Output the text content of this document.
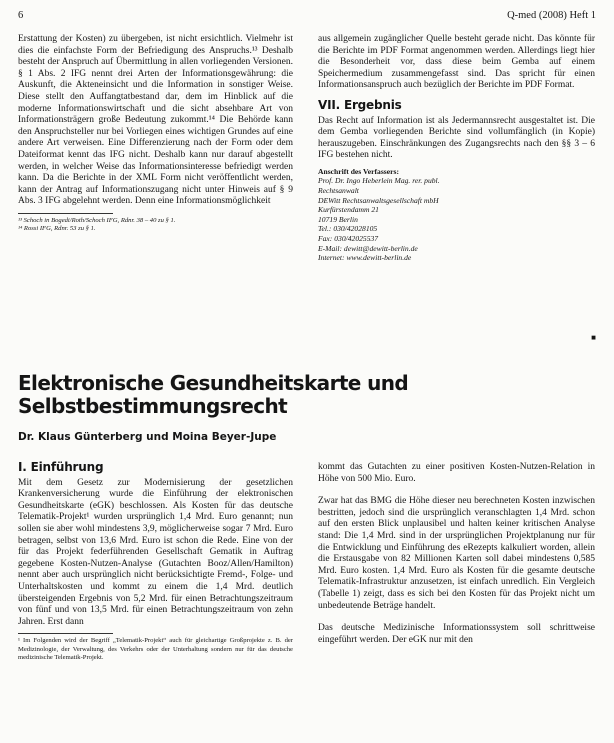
6	Q-med (2008) Heft 1

Erstattung der Kosten) zu übergeben, ist nicht ersichtlich. Vielmehr ist dies die einfachste Form der Befriedigung des Anspruchs.¹³ Deshalb besteht der Anspruch auf Übermittlung in allen vorliegenden Versionen. § 1 Abs. 2 IFG nennt drei Arten der Informationsgewährung: die Auskunft, die Akteneinsicht und die Information in sonstiger Weise. Diese stellt den Auffangtatbestand dar, dem im Hinblick auf die moderne Informationswirtschaft und die sicht absehbare Art von Informationsträgern große Bedeutung zukommt.¹⁴ Die Behörde kann den Anspruchsteller nur bei Vorliegen eines wichtigen Grundes auf eine andere Art verweisen. Eine Differenzierung nach der Form oder dem Dateiformat kennt das IFG nicht. Deshalb kann nur darauf abgestellt werden, in welcher Weise das Informationsinteresse befriedigt werden kann. Da die Berichte in der XML Form nicht veröffentlicht werden, kann der Antrag auf Informationszugang nicht unter Hinweis auf § 9 Abs. 3 IFG abgelehnt werden. Denn eine Informationsmöglichkeit

¹³ Schoch in Bogedi/Roth/Schoch IFG, Rdnr. 38 – 40 zu § 1.

¹⁴ Rossi IFG, Rdnr. 53 zu § 1.

aus allgemein zugänglicher Quelle besteht gerade nicht. Das könnte für die Berichte im PDF Format angenommen werden. Allerdings liegt hier die Besonderheit vor, dass diese beim Gemba auf einem Speichermedium zusammengefasst sind. Das spricht für einen Informationsanspruch auch bezüglich der Berichte im PDF Format.

VII. Ergebnis

Das Recht auf Information ist als Jedermannsrecht ausgestaltet ist. Die dem Gemba vorliegenden Berichte sind vollumfänglich (in Kopie) herauszugeben. Einschränkungen des Zugangsrechts nach den §§ 3 – 6 IFG bestehen nicht.

Anschrift des Verfassers:

Prof. Dr. Ingo Heberlein Mag. rer. publ.

Rechtsanwalt

DEWitt Rechtsanwaltsgesellschaft mbH

Kurfürstendamm 21

10719 Berlin

Tel.: 030/42028105

Fax: 030/42025537

E-Mail: dewitt@dewitt-berlin.de

Internet: www.dewitt-berlin.de

■
Elektronische Gesundheitskarte und
Selbstbestimmungsrecht

Dr. Klaus Günterberg und Moina Beyer-Jupe

I. Einführung

Mit dem Gesetz zur Modernisierung der gesetzlichen Krankenversicherung wurde die Einführung der elektronischen Gesundheitskarte (eGK) beschlossen. Als Kosten für das deutsche Telematik-Projekt¹ wurden ursprünglich 1,4 Mrd. Euro genannt; nun sollen sie aber wohl mindestens 3,9, möglicherweise sogar 7 Mrd. Euro betragen, selbst von 13,6 Mrd. Euro ist schon die Rede. Eine von der für das Projekt federführenden Gesellschaft Gematik in Auftrag gegebene Kosten-Nutzen-Analyse (Gutachten Booz/Allen/Hamilton) nennt aber auch ursprünglich nicht berücksichtigte Fremd-, Folge- und Unterhaltskosten und kommt zu einem die 1,4 Mrd. deutlich übersteigenden Ergebnis von 5,2 Mrd. für einen Betrachtungszeitraum von fünf und von 13,5 Mrd. für einen Betrachtungszeitraum von zehn Jahren. Erst dann

¹ Im Folgenden wird der Begriff „Telematik-Projekt“ auch für gleichartige Großprojekte z. B. der Medizinologie, der Verwaltung, des Verkehrs oder der Unterhaltung sondern nur für das deutsche medizinische Telematik-Projekt.

kommt das Gutachten zu einer positiven Kosten-Nutzen-Relation in Höhe von 500 Mio. Euro.

Zwar hat das BMG die Höhe dieser neu berechneten Kosten inzwischen bestritten, jedoch sind die ursprünglich veranschlagten 1,4 Mrd. schon auf den ersten Blick unplausibel und halten keiner kritischen Analyse stand: Die 1,4 Mrd. sind in der ursprünglichen Projektplanung nur für die Entwicklung und Einführung des eRezepts kalkuliert worden, allein die Erstausgabe von 82 Millionen Karten soll dabei mindestens 0,585 Mrd. Euro kosten. 1,4 Mrd. Euro als Kosten für die gesamte deutsche Telematik-Infrastruktur anzusetzen, ist einfach unredlich. Ein Vergleich (Tabelle 1) zeigt, dass es sich bei den Kosten für das Projekt nicht um unbedeutende Beträge handelt.

Das deutsche Medizinische Informationssystem soll schrittweise eingeführt werden. Der eGK nur mit den
